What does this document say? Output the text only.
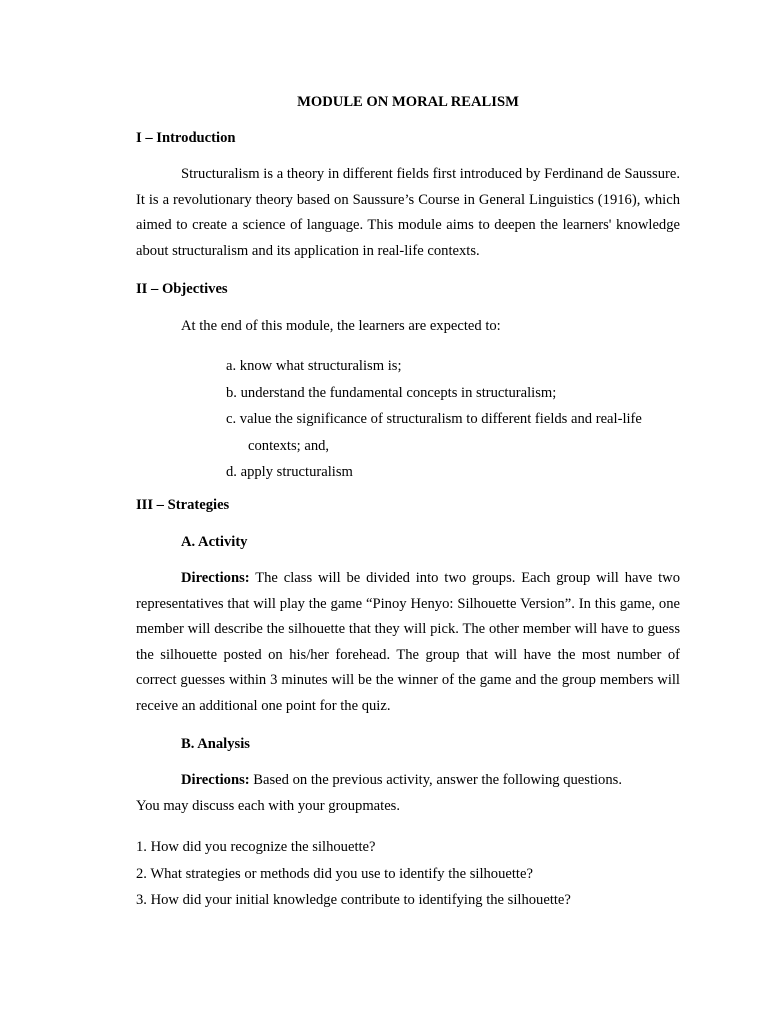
MODULE ON MORAL REALISM
I – Introduction

Structuralism is a theory in different fields first introduced by Ferdinand de Saussure. It is a revolutionary theory based on Saussure’s Course in General Linguistics (1916), which aimed to create a science of language. This module aims to deepen the learners' knowledge about structuralism and its application in real-life contexts.

II – Objectives
At the end of this module, the learners are expected to:
a. know what structuralism is;
b. understand the fundamental concepts in structuralism;
c. value the significance of structuralism to different fields and real-life
contexts; and,
d. apply structuralism
III – Strategies
A. Activity

Directions: The class will be divided into two groups. Each group will have two representatives that will play the game “Pinoy Henyo: Silhouette Version”. In this game, one member will describe the silhouette that they will pick. The other member will have to guess the silhouette posted on his/her forehead. The group that will have the most number of correct guesses within 3 minutes will be the winner of the game and the group members will receive an additional one point for the quiz.

B. Analysis
Directions: Based on the previous activity, answer the following questions.
You may discuss each with your groupmates.
1. How did you recognize the silhouette?
2. What strategies or methods did you use to identify the silhouette?
3. How did your initial knowledge contribute to identifying the silhouette?
